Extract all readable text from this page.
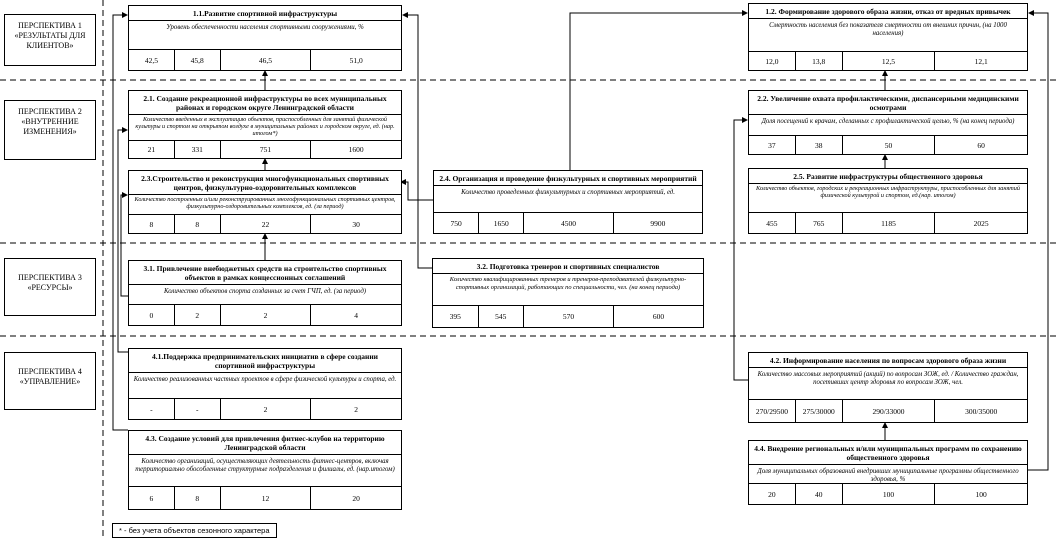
ПЕРСПЕКТИВА 1
«РЕЗУЛЬТАТЫ ДЛЯ
КЛИЕНТОВ»
ПЕРСПЕКТИВА 2
«ВНУТРЕННИЕ
ИЗМЕНЕНИЯ»
ПЕРСПЕКТИВА 3
«РЕСУРСЫ»
ПЕРСПЕКТИВА 4
«УПРАВЛЕНИЕ»
1.1.Развитие спортивной инфраструктуры
Уровень обеспеченности населения спортивными сооружениями, %
42,5	45,8	46,5	51,0
1.2. Формирование здорового образа жизни, отказ от вредных привычек
Смертность населения без показателя смертности от внешних причин, (на 1000 населения)
12,0	13,8	12,5	12,1
2.1. Создание рекреационной инфраструктуры во всех муниципальных районах и городском округе Ленинградской области
Количество введенных в эксплуатацию объектов, приспособленных для занятий физической культуры и спортом на открытом воздухе в муниципальных районах и городском округе, ед. (нар. итогом*)
21	331	751	1600
2.2. Увеличение охвата профилактическими, диспансерными медицинскими осмотрами
Доля посещений к врачам, сделанных с профилактической целью, % (на конец периода)
37	38	50	60
2.3.Строительство и реконструкция многофункциональных спортивных центров, физкультурно-оздоровительных комплексов
Количество построенных и/или реконструированных многофункциональных спортивных центров, физкультурно-оздоровительных комплексов, ед. (за период)
8	8	22	30
2.4. Организация и проведение физкультурных и спортивных мероприятий
Количество проведенных физкультурных и спортивных мероприятий, ед.
750	1650	4500	9900
2.5. Развитие инфраструктуры общественного здоровья
Количество объектов, городских и рекреационных инфраструктуры, приспособленных для занятий физической культурой и спортом, ед.(нар. итогом)
455	765	1185	2025
3.1. Привлечение внебюджетных средств на строительство спортивных объектов в рамках концессионных соглашений
Количество объектов спорта созданных за счет ГЧП, ед. (за период)
0	2	2	4
3.2. Подготовка тренеров и спортивных специалистов
Количество квалифицированных тренеров и тренеров-преподавателей физкультурно-спортивных организаций, работающих по специальности, чел. (на конец периода)
395	545	570	600
4.1.Поддержка предпринимательских инициатив в сфере создании спортивной инфраструктуры
Количество реализованных частных проектов в сфере физической культуры и спорта, ед.
-	-	2	2
4.2. Информирование населения по вопросам здорового образа жизни
Количество массовых мероприятий (акций) по вопросам ЗОЖ, ед. / Количество граждан, посетивших центр здоровья по вопросам ЗОЖ, чел.
270/29500	275/30000	290/33000	300/35000
4.3. Создание условий для привлечения фитнес-клубов на территорию Ленинградской области
Количество организаций, осуществляющих деятельность фитнес-центров, включая территориально обособленные структурные подразделения и филиалы, ед. (нар.итогом)
6	8	12	20
4.4. Внедрение региональных и/или муниципальных программ по сохранению общественного здоровья
Доля муниципальных образований внедривших муниципальные программы общественного здоровья, %
20	40	100	100
* - без учета объектов сезонного характера
